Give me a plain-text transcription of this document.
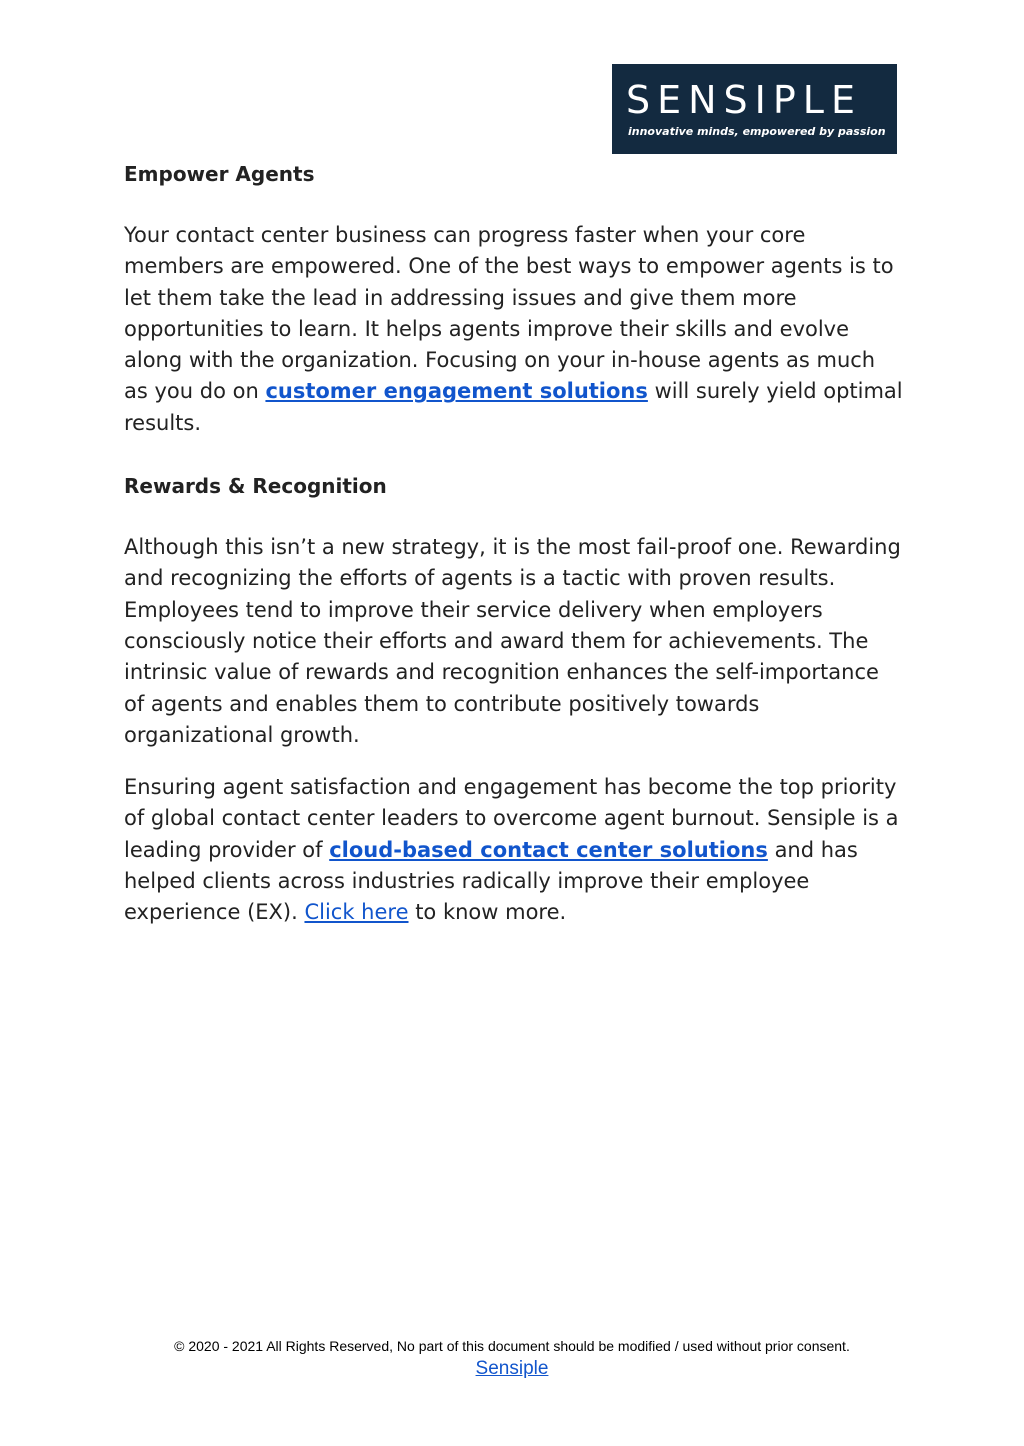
SENSIPLE
innovative minds, empowered by passion
Empower Agents

Your contact center business can progress faster when your core members are empowered. One of the best ways to empower agents is to let them take the lead in addressing issues and give them more opportunities to learn. It helps agents improve their skills and evolve along with the organization. Focusing on your in-house agents as much as you do on customer engagement solutions will surely yield optimal results.

Rewards & Recognition

Although this isn’t a new strategy, it is the most fail-proof one. Rewarding and recognizing the efforts of agents is a tactic with proven results. Employees tend to improve their service delivery when employers consciously notice their efforts and award them for achievements. The intrinsic value of rewards and recognition enhances the self-importance of agents and enables them to contribute positively towards organizational growth.

Ensuring agent satisfaction and engagement has become the top priority of global contact center leaders to overcome agent burnout. Sensiple is a leading provider of cloud-based contact center solutions and has helped clients across industries radically improve their employee experience (EX). Click here to know more.

© 2020 - 2021 All Rights Reserved, No part of this document should be modified / used without prior consent.
Sensiple
